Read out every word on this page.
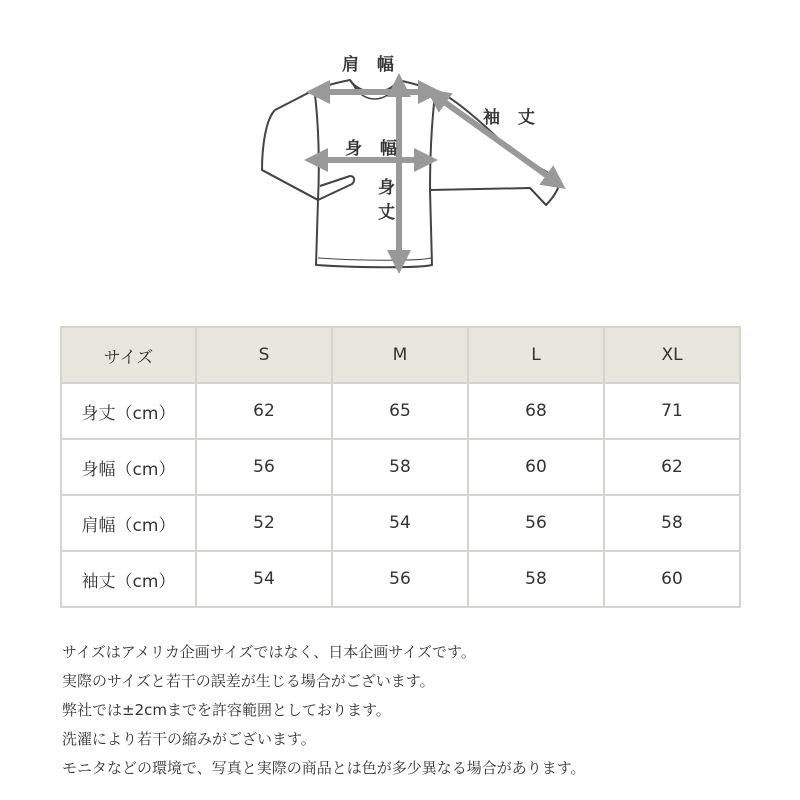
肩 幅
身 幅
身丈
袖 丈
サイズ	S	M	L	XL
身丈（cm）	62	65	68	71
身幅（cm）	56	58	60	62
肩幅（cm）	52	54	56	58
袖丈（cm）	54	56	58	60

サイズはアメリカ企画サイズではなく、日本企画サイズです。

実際のサイズと若干の誤差が生じる場合がございます。

弊社では±2cmまでを許容範囲としております。

洗濯により若干の縮みがございます。

モニタなどの環境で、写真と実際の商品とは色が多少異なる場合があります。
